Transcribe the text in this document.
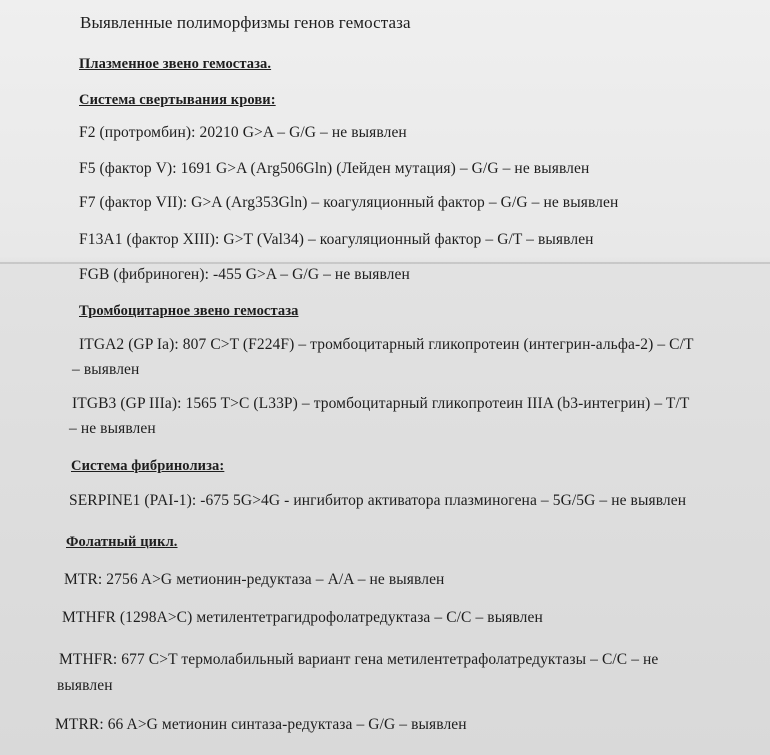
Выявленные полиморфизмы генов гемостаза
Плазменное звено гемостаза.
Система свертывания крови:
F2 (протромбин): 20210 G>A – G/G – не выявлен
F5 (фактор V): 1691 G>A (Arg506Gln) (Лейден мутация) – G/G – не выявлен
F7 (фактор VII): G>A (Arg353Gln) – коагуляционный фактор – G/G – не выявлен
F13A1 (фактор XIII): G>T (Val34) – коагуляционный фактор – G/T – выявлен
FGB (фибриноген): -455 G>A – G/G – не выявлен
Тромбоцитарное звено гемостаза
ITGA2 (GP Ia): 807 C>T (F224F) – тромбоцитарный гликопротеин (интегрин-альфа-2) – C/T
– выявлен
ITGB3 (GP IIIa): 1565 T>C (L33P) – тромбоцитарный гликопротеин IIIA (b3-интегрин) – T/T
– не выявлен
Система фибринолиза:
SERPINE1 (PAI-1): -675 5G>4G - ингибитор активатора плазминогена – 5G/5G – не выявлен
Фолатный цикл.
MTR: 2756 A>G метионин-редуктаза – A/A – не выявлен
MTHFR (1298A>C) метилентетрагидрофолатредуктаза – C/C – выявлен
MTHFR: 677 C>T термолабильный вариант гена метилентетрафолатредуктазы – C/C – не
выявлен
MTRR: 66 A>G метионин синтаза-редуктаза – G/G – выявлен
